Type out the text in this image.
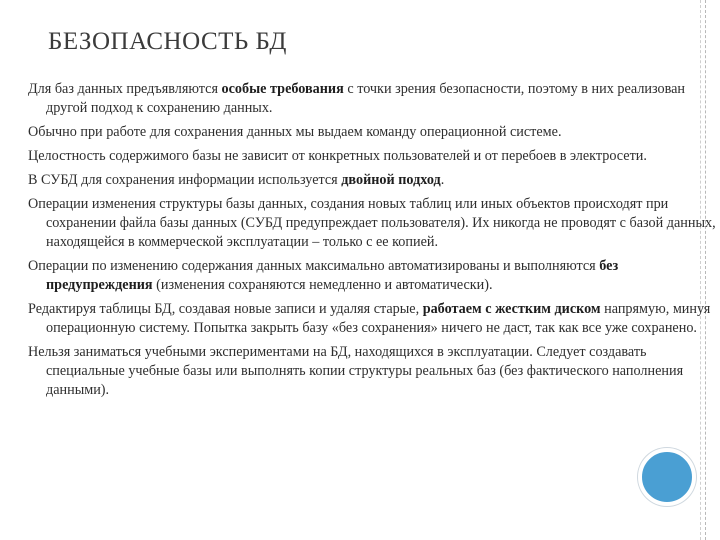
БЕЗОПАСНОСТЬ БД

Для баз данных предъявляются особые требования с точки зрения безопасности, поэтому в них реализован другой подход к сохранению данных.

Обычно при работе для сохранения данных мы выдаем команду операционной системе.

Целостность содержимого базы не зависит от конкретных пользователей и от перебоев в электросети.

В СУБД для сохранения информации используется двойной подход.

Операции изменения структуры базы данных, создания новых таблиц или иных объектов происходят при сохранении файла базы данных (СУБД предупреждает пользователя). Их никогда не проводят с базой данных, находящейся в коммерческой эксплуатации – только с ее копией.

Операции по изменению содержания данных максимально автоматизированы и выполняются без предупреждения (изменения сохраняются немедленно и автоматически).

Редактируя таблицы БД, создавая новые записи и удаляя старые, работаем с жестким диском напрямую, минуя операционную систему. Попытка закрыть базу «без сохранения» ничего не даст, так как все уже сохранено.

Нельзя заниматься учебными экспериментами на БД, находящихся в эксплуатации. Следует создавать специальные учебные базы или выполнять копии структуры реальных баз (без фактического наполнения данными).
